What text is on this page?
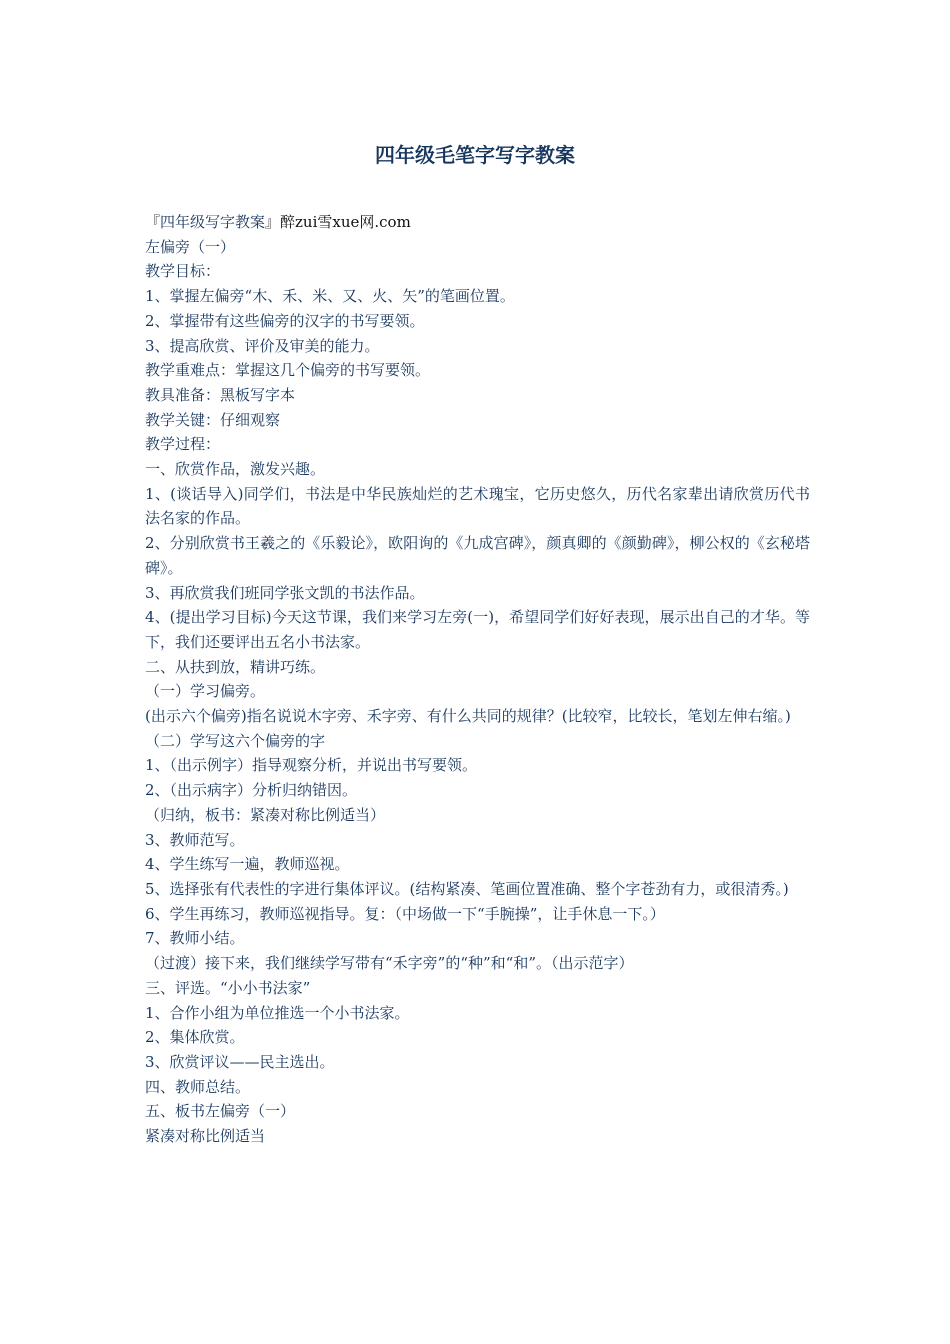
四年级毛笔字写字教案

『四年级写字教案』醉zui雪xue网.com

左偏旁（一）

教学目标：

1、掌握左偏旁“木、禾、米、又、火、矢”的笔画位置。

2、掌握带有这些偏旁的汉字的书写要领。

3、提高欣赏、评价及审美的能力。

教学重难点：掌握这几个偏旁的书写要领。

教具准备：黑板写字本

教学关键：仔细观察

教学过程：

一、欣赏作品，激发兴趣。

1、(谈话导入)同学们，书法是中华民族灿烂的艺术瑰宝，它历史悠久，历代名家辈出请欣赏历代书法名家的作品。

2、分别欣赏书王羲之的《乐毅论》，欧阳询的《九成宫碑》，颜真卿的《颜勤碑》，柳公权的《玄秘塔碑》。

3、再欣赏我们班同学张文凯的书法作品。

4、(提出学习目标)今天这节课，我们来学习左旁(一)，希望同学们好好表现，展示出自己的才华。等下，我们还要评出五名小书法家。

二、从扶到放，精讲巧练。

（一）学习偏旁。

(出示六个偏旁)指名说说木字旁、禾字旁、有什么共同的规律？(比较窄，比较长，笔划左伸右缩。)

（二）学写这六个偏旁的字

1、（出示例字）指导观察分析，并说出书写要领。

2、（出示病字）分析归纳错因。

（归纳，板书：紧凑对称比例适当）

3、教师范写。

4、学生练写一遍，教师巡视。

5、选择张有代表性的字进行集体评议。(结构紧凑、笔画位置准确、整个字苍劲有力，或很清秀。)

6、学生再练习，教师巡视指导。复：（中场做一下“手腕操”，让手休息一下。）

7、教师小结。

（过渡）接下来，我们继续学写带有“禾字旁”的“种”和“和”。（出示范字）

三、评选。“小小书法家”

1、合作小组为单位推选一个小书法家。

2、集体欣赏。

3、欣赏评议——民主选出。

四、教师总结。

五、板书左偏旁（一）

紧凑对称比例适当
